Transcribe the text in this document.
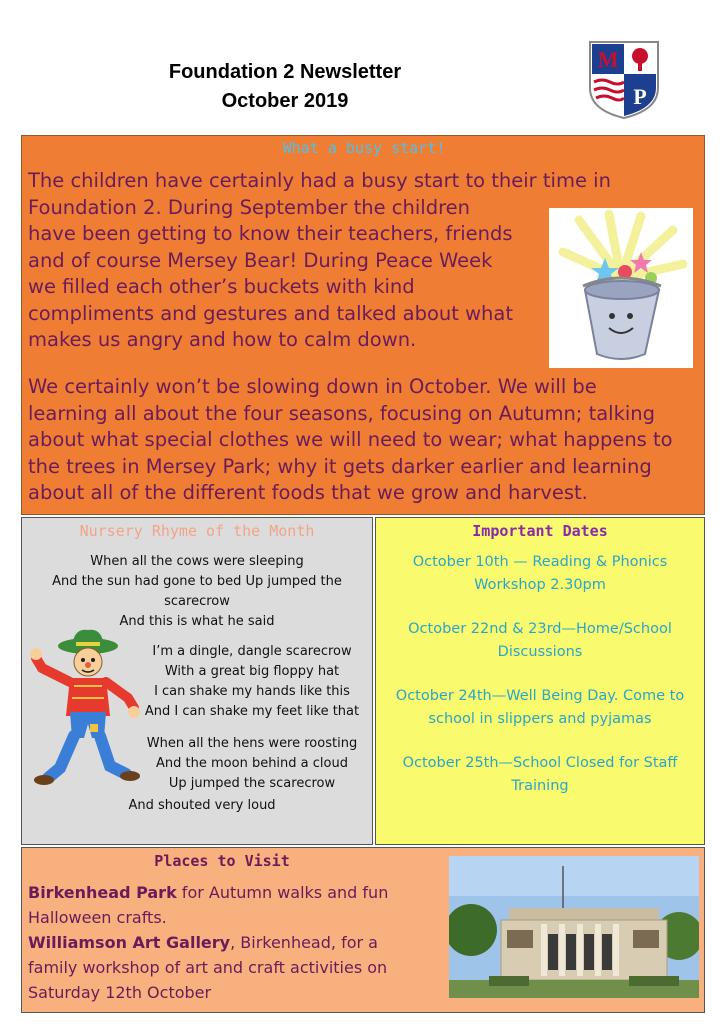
Foundation 2 Newsletter
October 2019
M
P
What a busy start!
The children have certainly had a busy start to their time in
Foundation 2. During September the children
have been getting to know their teachers, friends
and of course Mersey Bear! During Peace Week
we filled each other’s buckets with kind
compliments and gestures and talked about what
makes us angry and how to calm down.
We certainly won’t be slowing down in October. We will be
learning all about the four seasons, focusing on Autumn; talking
about what special clothes we will need to wear; what happens to
the trees in Mersey Park; why it gets darker earlier and learning
about all of the different foods that we grow and harvest.
Nursery Rhyme of the Month
When all the cows were sleeping
And the sun had gone to bed Up jumped the
scarecrow
And this is what he said
I’m a dingle, dangle scarecrow
With a great big floppy hat
I can shake my hands like this
And I can shake my feet like that
When all the hens were roosting
And the moon behind a cloud
Up jumped the scarecrow
And shouted very loud
Important Dates
October 10th — Reading & Phonics
Workshop 2.30pm
October 22nd & 23rd—Home/School
Discussions
October 24th—Well Being Day. Come to
school in slippers and pyjamas
October 25th—School Closed for Staff
Training
Places to Visit
Birkenhead Park for Autumn walks and fun
Halloween crafts.
Williamson Art Gallery, Birkenhead, for a
family workshop of art and craft activities on
Saturday 12th October
